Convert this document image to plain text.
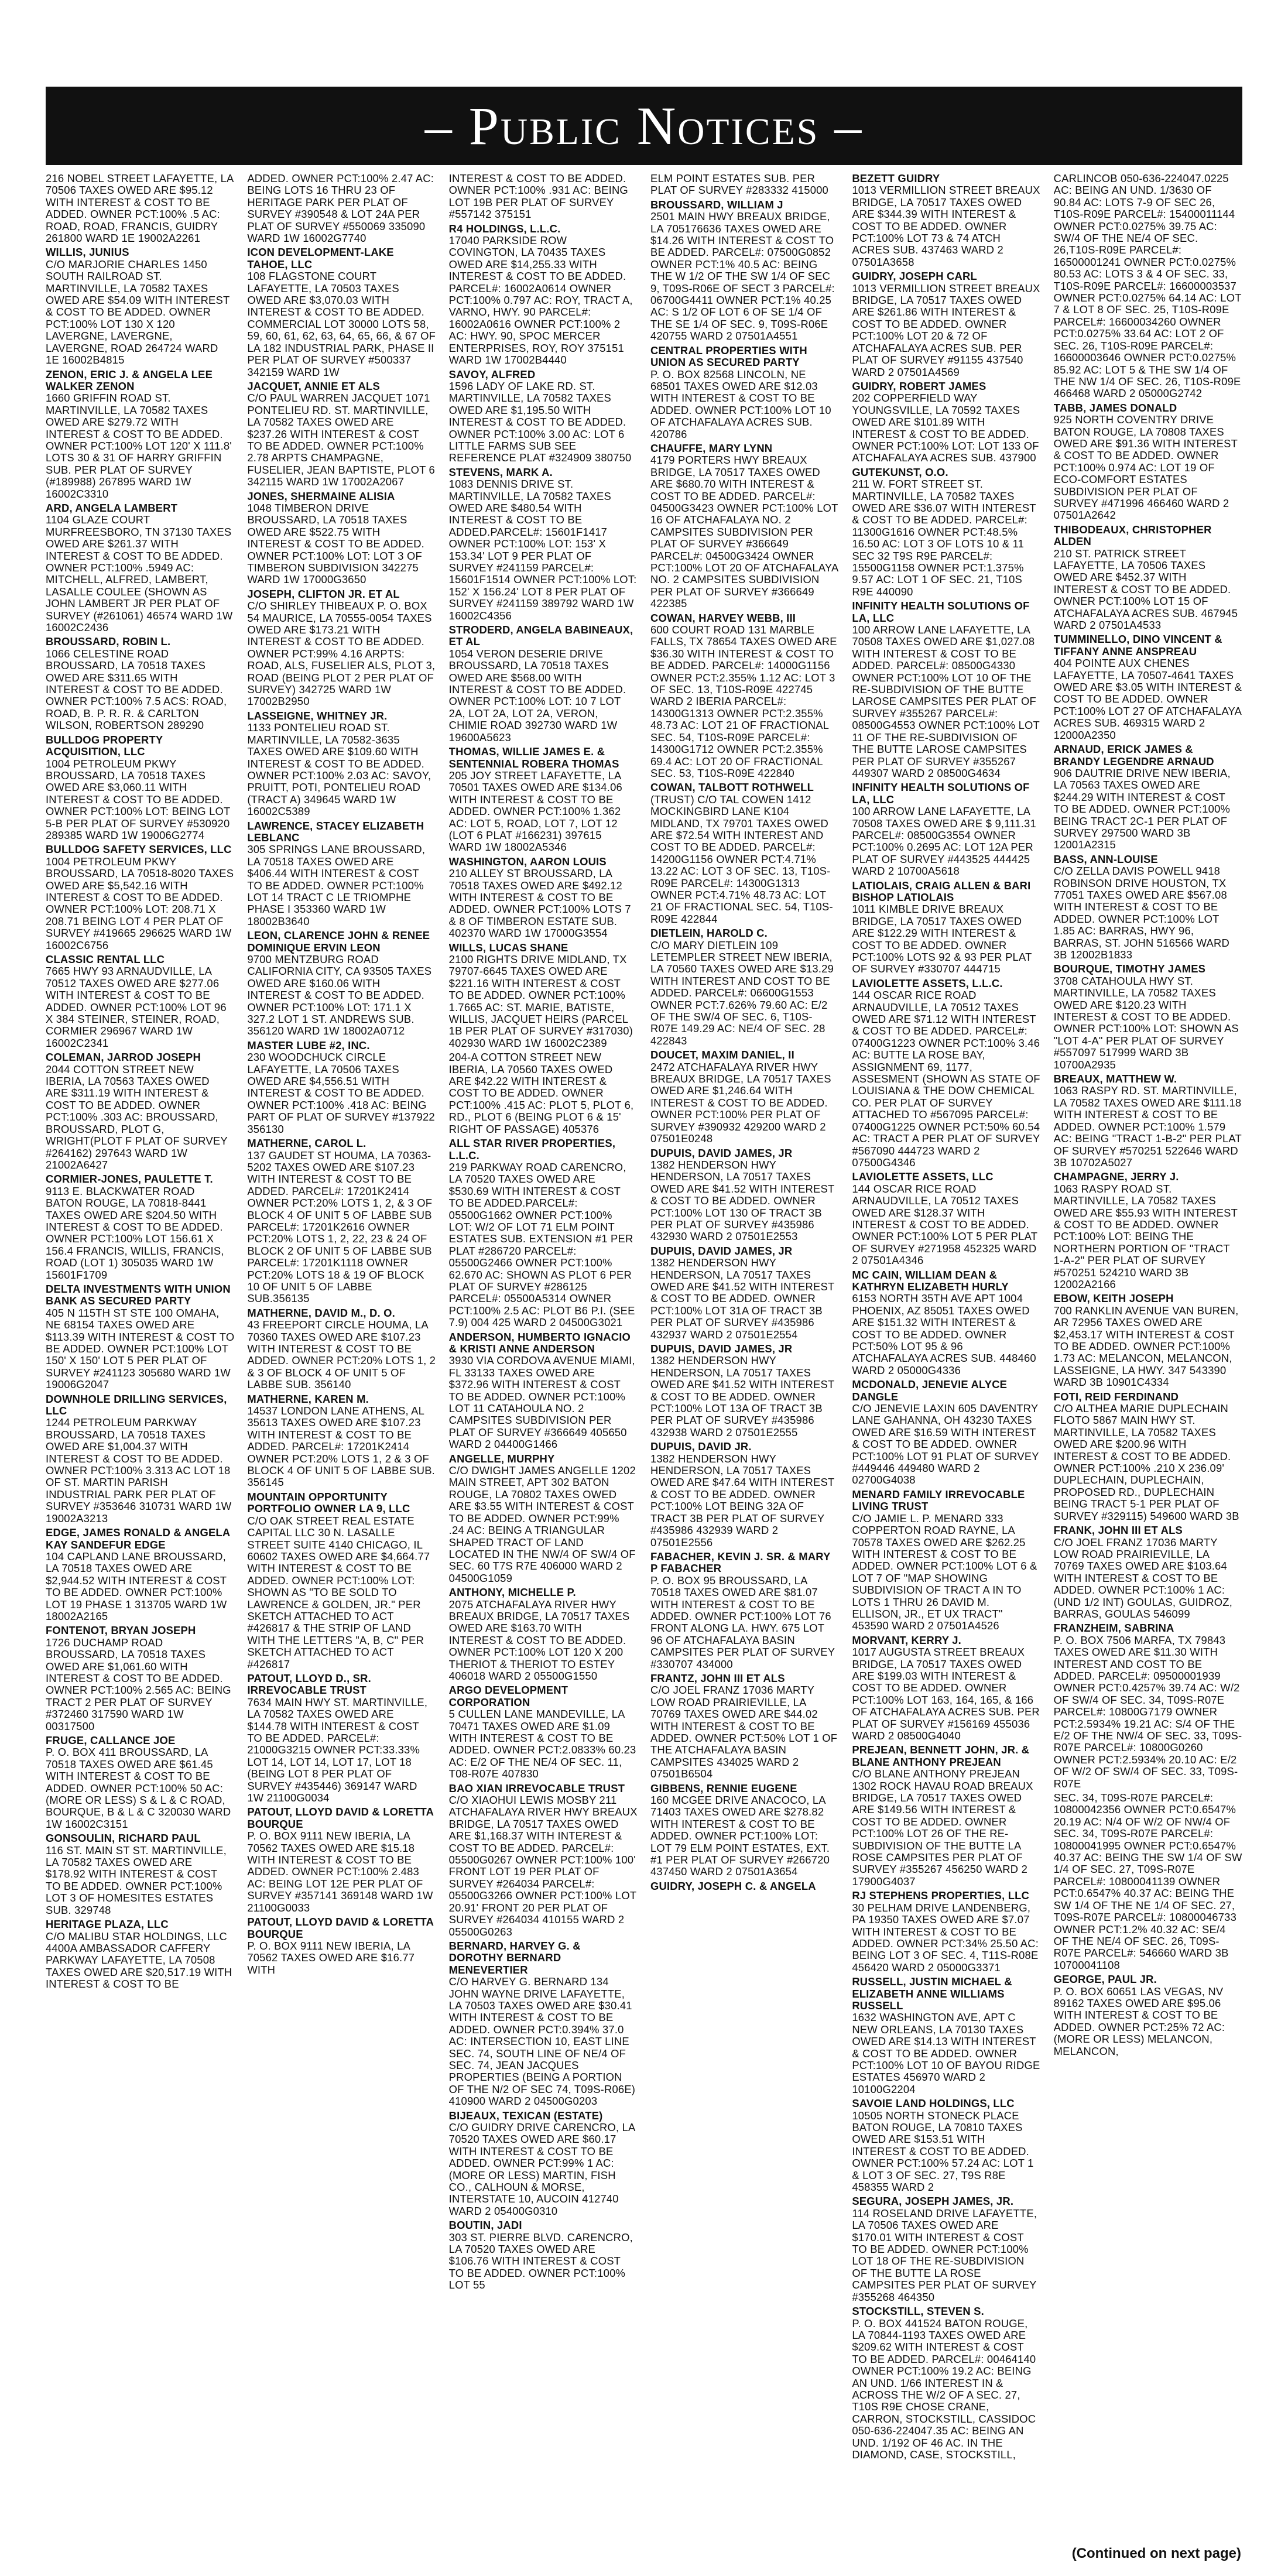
– Public Notices –
216 NOBEL STREET LAFAYETTE, LA 70506 TAXES OWED ARE $95.12 WITH INTEREST & COST TO BE ADDED. OWNER PCT:100% .5 AC: ROAD, ROAD, FRANCIS, GUIDRY 261800 WARD 1E 19002A2261
WILLIS, JUNIUS
C/O MARJORIE CHARLES 1450 SOUTH RAILROAD ST. MARTINVILLE, LA 70582 TAXES OWED ARE $54.09 WITH INTEREST & COST TO BE ADDED. OWNER PCT:100% LOT 130 X 120 LAVERGNE, LAVERGNE, LAVERGNE, ROAD 264724 WARD 1E 16002B4815
ZENON, ERIC J. & ANGELA LEE WALKER ZENON
1660 GRIFFIN ROAD ST. MARTINVILLE, LA 70582 TAXES OWED ARE $279.72 WITH INTEREST & COST TO BE ADDED. OWNER PCT:100% LOT 120' X 111.8' LOTS 30 & 31 OF HARRY GRIFFIN SUB. PER PLAT OF SURVEY (#189988) 267895 WARD 1W 16002C3310
ARD, ANGELA LAMBERT
1104 GLAZE COURT MURFREESBORO, TN 37130 TAXES OWED ARE $261.37 WITH INTEREST & COST TO BE ADDED. OWNER PCT:100% .5949 AC: MITCHELL, ALFRED, LAMBERT, LASALLE COULEE (SHOWN AS JOHN LAMBERT JR PER PLAT OF SURVEY (#261061) 46574 WARD 1W 16002C2436
BROUSSARD, ROBIN L.
1066 CELESTINE ROAD BROUSSARD, LA 70518 TAXES OWED ARE $311.65 WITH INTEREST & COST TO BE ADDED. OWNER PCT:100% 7.5 ACS: ROAD, ROAD, B. P. R. R. & CARLTON WILSON, ROBERTSON 289290
BULLDOG PROPERTY ACQUISITION, LLC
1004 PETROLEUM PKWY BROUSSARD, LA 70518 TAXES OWED ARE $3,060.11 WITH INTEREST & COST TO BE ADDED. OWNER PCT:100% LOT: BEING LOT 5-B PER PLAT OF SURVEY #530920 289385 WARD 1W 19006G2774
BULLDOG SAFETY SERVICES, LLC
1004 PETROLEUM PKWY BROUSSARD, LA 70518-8020 TAXES OWED ARE $5,542.16 WITH INTEREST & COST TO BE ADDED. OWNER PCT:100% LOT: 208.71 X 208.71 BEING LOT 4 PER PLAT OF SURVEY #419665 296625 WARD 1W 16002C6756
CLASSIC RENTAL LLC
7665 HWY 93 ARNAUDVILLE, LA 70512 TAXES OWED ARE $277.06 WITH INTEREST & COST TO BE ADDED. OWNER PCT:100% LOT 96 X 384 STEINER, STEINER, ROAD, CORMIER 296967 WARD 1W 16002C2341
COLEMAN, JARROD JOSEPH
2044 COTTON STREET NEW IBERIA, LA 70563 TAXES OWED ARE $311.19 WITH INTEREST & COST TO BE ADDED. OWNER PCT:100% .303 AC: BROUSSARD, BROUSSARD, PLOT G, WRIGHT(PLOT F PLAT OF SURVEY #264162) 297643 WARD 1W 21002A6427
CORMIER-JONES, PAULETTE T.
9113 E. BLACKWATER ROAD BATON ROUGE, LA 70818-8441 TAXES OWED ARE $204.50 WITH INTEREST & COST TO BE ADDED. OWNER PCT:100% LOT 156.61 X 156.4 FRANCIS, WILLIS, FRANCIS, ROAD (LOT 1) 305035 WARD 1W 15601F1709
DELTA INVESTMENTS WITH UNION BANK AS SECURED PARTY
405 N 115TH ST STE 100 OMAHA, NE 68154 TAXES OWED ARE $113.39 WITH INTEREST & COST TO BE ADDED. OWNER PCT:100% LOT 150' X 150' LOT 5 PER PLAT OF SURVEY #241123 305680 WARD 1W 19006G2047
DOWNHOLE DRILLING SERVICES, LLC
1244 PETROLEUM PARKWAY BROUSSARD, LA 70518 TAXES OWED ARE $1,004.37 WITH INTEREST & COST TO BE ADDED. OWNER PCT:100% 3.313 AC LOT 18 OF ST. MARTIN PARISH INDUSTRIAL PARK PER PLAT OF SURVEY #353646 310731 WARD 1W 19002A3213
EDGE, JAMES RONALD & ANGELA KAY SANDEFUR EDGE
104 CAPLAND LANE BROUSSARD, LA 70518 TAXES OWED ARE $2,944.52 WITH INTEREST & COST TO BE ADDED. OWNER PCT:100% LOT 19 PHASE 1 313705 WARD 1W 18002A2165
FONTENOT, BRYAN JOSEPH
1726 DUCHAMP ROAD BROUSSARD, LA 70518 TAXES OWED ARE $1,061.60 WITH INTEREST & COST TO BE ADDED. OWNER PCT:100% 2.565 AC: BEING TRACT 2 PER PLAT OF SURVEY #372460 317590 WARD 1W 00317500
FRUGE, CALLANCE JOE
P. O. BOX 411 BROUSSARD, LA 70518 TAXES OWED ARE $61.45 WITH INTEREST & COST TO BE ADDED. OWNER PCT:100% 50 AC: (MORE OR LESS) S & L & C ROAD, BOURQUE, B & L & C 320030 WARD 1W 16002C3151
GONSOULIN, RICHARD PAUL
116 ST. MAIN ST ST. MARTINVILLE, LA 70582 TAXES OWED ARE $178.92 WITH INTEREST & COST TO BE ADDED. OWNER PCT:100% LOT 3 OF HOMESITES ESTATES SUB. 329748
HERITAGE PLAZA, LLC
C/O MALIBU STAR HOLDINGS, LLC 4400A AMBASSADOR CAFFERY PARKWAY LAFAYETTE, LA 70508 TAXES OWED ARE $20,517.19 WITH INTEREST & COST TO BE
ADDED. OWNER PCT:100% 2.47 AC: BEING LOTS 16 THRU 23 OF HERITAGE PARK PER PLAT OF SURVEY #390548 & LOT 24A PER PLAT OF SURVEY #550069 335090 WARD 1W 16002G7740
ICON DEVELOPMENT-LAKE TAHOE, LLC
108 FLAGSTONE COURT LAFAYETTE, LA 70503 TAXES OWED ARE $3,070.03 WITH INTEREST & COST TO BE ADDED. COMMERCIAL LOT 30000 LOTS 58, 59, 60, 61, 62, 63, 64, 65, 66, & 67 OF LA 182 INDUSTRIAL PARK, PHASE II PER PLAT OF SURVEY #500337 342159 WARD 1W
JACQUET, ANNIE ET ALS
C/O PAUL WARREN JACQUET 1071 PONTELIEU RD. ST. MARTINVILLE, LA 70582 TAXES OWED ARE $237.26 WITH INTEREST & COST TO BE ADDED. OWNER PCT:100% 2.78 ARPTS CHAMPAGNE, FUSELIER, JEAN BAPTISTE, PLOT 6 342115 WARD 1W 17002A2067
JONES, SHERMAINE ALISIA
1048 TIMBERON DRIVE BROUSSARD, LA 70518 TAXES OWED ARE $522.75 WITH INTEREST & COST TO BE ADDED. OWNER PCT:100% LOT: LOT 3 OF TIMBERON SUBDIVISION 342275 WARD 1W 17000G3650
JOSEPH, CLIFTON JR. ET AL
C/O SHIRLEY THIBEAUX P. O. BOX 54 MAURICE, LA 70555-0054 TAXES OWED ARE $173.21 WITH INTEREST & COST TO BE ADDED. OWNER PCT:99% 4.16 ARPTS: ROAD, ALS, FUSELIER ALS, PLOT 3, ROAD (BEING PLOT 2 PER PLAT OF SURVEY) 342725 WARD 1W 17002B2950
LASSEIGNE, WHITNEY JR.
1133 PONTELIEU ROAD ST. MARTINVILLE, LA 70582-3635 TAXES OWED ARE $109.60 WITH INTEREST & COST TO BE ADDED. OWNER PCT:100% 2.03 AC: SAVOY, PRUITT, POTI, PONTELIEU ROAD (TRACT A) 349645 WARD 1W 16002C5389
LAWRENCE, STACEY ELIZABETH LEBLANC
305 SPRINGS LANE BROUSSARD, LA 70518 TAXES OWED ARE $406.44 WITH INTEREST & COST TO BE ADDED. OWNER PCT:100% LOT 14 TRACT C LE TRIOMPHE PHASE I 353360 WARD 1W 18002B3640
LEON, CLARENCE JOHN & RENEE DOMINIQUE ERVIN LEON
9700 MENTZBURG ROAD CALIFORNIA CITY, CA 93505 TAXES OWED ARE $160.06 WITH INTEREST & COST TO BE ADDED. OWNER PCT:100% LOT: 171.1 X 327.2 LOT 1 ST. ANDREWS SUB. 356120 WARD 1W 18002A0712
MASTER LUBE #2, INC.
230 WOODCHUCK CIRCLE LAFAYETTE, LA 70506 TAXES OWED ARE $4,556.51 WITH INTEREST & COST TO BE ADDED. OWNER PCT:100% .418 AC: BEING PART OF PLAT OF SURVEY #137922 356130
MATHERNE, CAROL L.
137 GAUDET ST HOUMA, LA 70363-5202 TAXES OWED ARE $107.23 WITH INTEREST & COST TO BE ADDED. PARCEL#: 17201K2414 OWNER PCT:20% LOTS 1, 2, & 3 OF BLOCK 4 OF UNIT 5 OF LABBE SUB PARCEL#: 17201K2616 OWNER PCT:20% LOTS 1, 2, 22, 23 & 24 OF BLOCK 2 OF UNIT 5 OF LABBE SUB PARCEL#: 17201K1118 OWNER PCT:20% LOTS 18 & 19 OF BLOCK 10 OF UNIT 5 OF LABBE SUB.356135
MATHERNE, DAVID M., D. O.
43 FREEPORT CIRCLE HOUMA, LA 70360 TAXES OWED ARE $107.23 WITH INTEREST & COST TO BE ADDED. OWNER PCT:20% LOTS 1, 2 & 3 OF BLOCK 4 OF UNIT 5 OF LABBE SUB. 356140
MATHERNE, KAREN M.
14537 LONDON LANE ATHENS, AL 35613 TAXES OWED ARE $107.23 WITH INTEREST & COST TO BE ADDED. PARCEL#: 17201K2414 OWNER PCT:20% LOTS 1, 2 & 3 OF BLOCK 4 OF UNIT 5 OF LABBE SUB. 356145
MOUNTAIN OPPORTUNITY PORTFOLIO OWNER LA 9, LLC
C/O OAK STREET REAL ESTATE CAPITAL LLC 30 N. LASALLE STREET SUITE 4140 CHICAGO, IL 60602 TAXES OWED ARE $4,664.77 WITH INTEREST & COST TO BE ADDED. OWNER PCT:100% LOT: SHOWN AS "TO BE SOLD TO LAWRENCE & GOLDEN, JR." PER SKETCH ATTACHED TO ACT #426817 & THE STRIP OF LAND WITH THE LETTERS "A, B, C" PER SKETCH ATTACHED TO ACT #426817
PATOUT, LLOYD D., SR. IRREVOCABLE TRUST
7634 MAIN HWY ST. MARTINVILLE, LA 70582 TAXES OWED ARE $144.78 WITH INTEREST & COST TO BE ADDED. PARCEL#: 21000G3215 OWNER PCT:33.33% LOT 14, LOT 14, LOT 17, LOT 18 (BEING LOT 8 PER PLAT OF SURVEY #435446) 369147 WARD 1W 21100G0034
PATOUT, LLOYD DAVID & LORETTA BOURQUE
P. O. BOX 9111 NEW IBERIA, LA 70562 TAXES OWED ARE $15.18 WITH INTEREST & COST TO BE ADDED. OWNER PCT:100% 2.483 AC: BEING LOT 12E PER PLAT OF SURVEY #357141 369148 WARD 1W 21100G0033
PATOUT, LLOYD DAVID & LORETTA BOURQUE
P. O. BOX 9111 NEW IBERIA, LA 70562 TAXES OWED ARE $16.77 WITH
INTEREST & COST TO BE ADDED. OWNER PCT:100% .931 AC: BEING LOT 19B PER PLAT OF SURVEY #557142 375151
R4 HOLDINGS, L.L.C.
17040 PARKSIDE ROW COVINGTON, LA 70435 TAXES OWED ARE $14,255.33 WITH INTEREST & COST TO BE ADDED. PARCEL#: 16002A0614 OWNER PCT:100% 0.797 AC: ROY, TRACT A, VARNO, HWY. 90 PARCEL#: 16002A0616 OWNER PCT:100% 2 AC: HWY. 90, SPOC MERCER ENTERPRISES, ROY, ROY 375151 WARD 1W 17002B4440
SAVOY, ALFRED
1596 LADY OF LAKE RD. ST. MARTINVILLE, LA 70582 TAXES OWED ARE $1,195.50 WITH INTEREST & COST TO BE ADDED. OWNER PCT:100% 3.00 AC: LOT 6 LITTLE FARMS SUB SEE REFERENCE PLAT #324909 380750
STEVENS, MARK A.
1083 DENNIS DRIVE ST. MARTINVILLE, LA 70582 TAXES OWED ARE $480.54 WITH INTEREST & COST TO BE ADDED.PARCEL#: 15601F1417 OWNER PCT:100% LOT: 153' X 153.34' LOT 9 PER PLAT OF SURVEY #241159 PARCEL#: 15601F1514 OWNER PCT:100% LOT: 152' X 156.24' LOT 8 PER PLAT OF SURVEY #241159 389792 WARD 1W 16002C4356
STRODERD, ANGELA BABINEAUX, ET AL
1054 VERON DESERIE DRIVE BROUSSARD, LA 70518 TAXES OWED ARE $568.00 WITH INTEREST & COST TO BE ADDED. OWNER PCT:100% LOT: 10 7 LOT 2A, LOT 2A, LOT 2A, VERON, CHIMIE ROAD 392730 WARD 1W 19600A5623
THOMAS, WILLIE JAMES E. & SENTENNIAL ROBERA THOMAS
205 JOY STREET LAFAYETTE, LA 70501 TAXES OWED ARE $134.06 WITH INTEREST & COST TO BE ADDED. OWNER PCT:100% 1.362 AC: LOT 5, ROAD, LOT 7, LOT 12 (LOT 6 PLAT #166231) 397615 WARD 1W 18002A5346
WASHINGTON, AARON LOUIS
210 ALLEY ST BROUSSARD, LA 70518 TAXES OWED ARE $492.12 WITH INTEREST & COST TO BE ADDED. OWNER PCT:100% LOTS 7 & 8 OF TIMBERON ESTATE SUB. 402370 WARD 1W 17000G3554
WILLS, LUCAS SHANE
2100 RIGHTS DRIVE MIDLAND, TX 79707-6645 TAXES OWED ARE $221.16 WITH INTEREST & COST TO BE ADDED. OWNER PCT:100% 1.7665 AC: ST. MARIE, BATISTE, WILLIS, JACQUET HEIRS (PARCEL 1B PER PLAT OF SURVEY #317030) 402930 WARD 1W 16002C2389
204-A COTTON STREET NEW IBERIA, LA 70560 TAXES OWED ARE $42.22 WITH INTEREST & COST TO BE ADDED. OWNER PCT:100% .415 AC: PLOT 5, PLOT 6, RD., PLOT 6 (BEING PLOT 6 & 15' RIGHT OF PASSAGE) 405376
ALL STAR RIVER PROPERTIES, L.L.C.
219 PARKWAY ROAD CARENCRO, LA 70520 TAXES OWED ARE $530.69 WITH INTEREST & COST TO BE ADDED.PARCEL#: 05500G1662 OWNER PCT:100% LOT: W/2 OF LOT 71 ELM POINT ESTATES SUB. EXTENSION #1 PER PLAT #286720 PARCEL#: 05500G2466 OWNER PCT:100% 62.670 AC: SHOWN AS PLOT 6 PER PLAT OF SURVEY #286125 PARCEL#: 05500A5314 OWNER PCT:100% 2.5 AC: PLOT B6 P.I. (SEE 7.9) 004 425 WARD 2 04500G3021
ANDERSON, HUMBERTO IGNACIO & KRISTI ANNE ANDERSON
3930 VIA CORDOVA AVENUE MIAMI, FL 33133 TAXES OWED ARE $372.96 WITH INTEREST & COST TO BE ADDED. OWNER PCT:100% LOT 11 CATAHOULA NO. 2 CAMPSITES SUBDIVISION PER PLAT OF SURVEY #366649 405650 WARD 2 04400G1466
ANGELLE, MURPHY
C/O DWIGHT JAMES ANGELLE 1202 MAIN STREET, APT 302 BATON ROUGE, LA 70802 TAXES OWED ARE $3.55 WITH INTEREST & COST TO BE ADDED. OWNER PCT:99% .24 AC: BEING A TRIANGULAR SHAPED TRACT OF LAND LOCATED IN THE NW/4 OF SW/4 OF SEC. 60 T7S R7E 406000 WARD 2 04500G1059
ANTHONY, MICHELLE P.
2075 ATCHAFALAYA RIVER HWY BREAUX BRIDGE, LA 70517 TAXES OWED ARE $163.70 WITH INTEREST & COST TO BE ADDED. OWNER PCT:100% LOT 120 X 200 THERIOT & THERIOT TO ESTEY 406018 WARD 2 05500G1550
ARGO DEVELOPMENT CORPORATION
5 CULLEN LANE MANDEVILLE, LA 70471 TAXES OWED ARE $1.09 WITH INTEREST & COST TO BE ADDED. OWNER PCT:2.0833% 60.23 AC: E/2 OF THE NE/4 OF SEC. 11, T08-R07E 407830
BAO XIAN IRREVOCABLE TRUST
C/O XIAOHUI LEWIS MOSBY 211 ATCHAFALAYA RIVER HWY BREAUX BRIDGE, LA 70517 TAXES OWED ARE $1,168.37 WITH INTEREST & COST TO BE ADDED. PARCEL#: 05500G0267 OWNER PCT:100% 100' FRONT LOT 19 PER PLAT OF SURVEY #264034 PARCEL#: 05500G3266 OWNER PCT:100% LOT 20.91' FRONT 20 PER PLAT OF SURVEY #264034 410155 WARD 2 05500G0263
BERNARD, HARVEY G. & DOROTHY BERNARD MENEVERTIER
C/O HARVEY G. BERNARD 134 JOHN WAYNE DRIVE LAFAYETTE, LA 70503 TAXES OWED ARE $30.41 WITH INTEREST & COST TO BE ADDED. OWNER PCT:0.394% 37.0 AC: INTERSECTION 10, EAST LINE SEC. 74, SOUTH LINE OF NE/4 OF SEC. 74, JEAN JACQUES PROPERTIES (BEING A PORTION OF THE N/2 OF SEC 74, T09S-R06E) 410900 WARD 2 04500G0203
BIJEAUX, TEXICAN (ESTATE)
C/O GUIDRY DRIVE CARENCRO, LA 70520 TAXES OWED ARE $60.17 WITH INTEREST & COST TO BE ADDED. OWNER PCT:99% 1 AC: (MORE OR LESS) MARTIN, FISH CO., CALHOUN & MORSE, INTERSTATE 10, AUCOIN 412740 WARD 2 05400G0310
BOUTIN, JADI
303 ST. PIERRE BLVD. CARENCRO, LA 70520 TAXES OWED ARE $106.76 WITH INTEREST & COST TO BE ADDED. OWNER PCT:100% LOT 55
ELM POINT ESTATES SUB. PER PLAT OF SURVEY #283332 415000
BROUSSARD, WILLIAM J
2501 MAIN HWY BREAUX BRIDGE, LA 705176636 TAXES OWED ARE $14.26 WITH INTEREST & COST TO BE ADDED. PARCEL#: 07500G0852 OWNER PCT:1% 40.5 AC: BEING THE W 1/2 OF THE SW 1/4 OF SEC 9, T09S-R06E OF SECT 3 PARCEL#: 06700G4411 OWNER PCT:1% 40.25 AC: S 1/2 OF LOT 6 OF SE 1/4 OF THE SE 1/4 OF SEC. 9, T09S-R06E 420755 WARD 2 07501A4551
CENTRAL PROPERTIES WITH UNION AS SECURED PARTY
P. O. BOX 82568 LINCOLN, NE 68501 TAXES OWED ARE $12.03 WITH INTEREST & COST TO BE ADDED. OWNER PCT:100% LOT 10 OF ATCHAFALAYA ACRES SUB. 420786
CHAUFFE, MARY LYNN
4179 PORTERS HWY BREAUX BRIDGE, LA 70517 TAXES OWED ARE $680.70 WITH INTEREST & COST TO BE ADDED. PARCEL#: 04500G3423 OWNER PCT:100% LOT 16 OF ATCHAFALAYA NO. 2 CAMPSITES SUBDIVISION PER PLAT OF SURVEY #366649 PARCEL#: 04500G3424 OWNER PCT:100% LOT 20 OF ATCHAFALAYA NO. 2 CAMPSITES SUBDIVISION PER PLAT OF SURVEY #366649 422385
COWAN, HARVEY WEBB, III
600 COURT ROAD 131 MARBLE FALLS, TX 78654 TAXES OWED ARE $36.30 WITH INTEREST & COST TO BE ADDED. PARCEL#: 14000G1156 OWNER PCT:2.355% 1.12 AC: LOT 3 OF SEC. 13, T10S-R09E 422745 WARD 2 IBERIA PARCEL#: 14300G1313 OWNER PCT:2.355% 48.73 AC: LOT 21 OF FRACTIONAL SEC. 54, T10S-R09E PARCEL#: 14300G1712 OWNER PCT:2.355% 69.4 AC: LOT 20 OF FRACTIONAL SEC. 53, T10S-R09E 422840
COWAN, TALBOTT ROTHWELL
(TRUST) C/O TAL COWEN 1412 MOCKINGBIRD LANE K104 MIDLAND, TX 79701 TAXES OWED ARE $72.54 WITH INTEREST AND COST TO BE ADDED. PARCEL#: 14200G1156 OWNER PCT:4.71% 13.22 AC: LOT 3 OF SEC. 13, T10S-R09E PARCEL#: 14300G1313 OWNER PCT:4.71% 48.73 AC: LOT 21 OF FRACTIONAL SEC. 54, T10S-R09E 422844
DIETLEIN, HAROLD C.
C/O MARY DIETLEIN 109 LETEMPLER STREET NEW IBERIA, LA 70560 TAXES OWED ARE $13.29 WITH INTEREST AND COST TO BE ADDED. PARCEL#: 06600G1553 OWNER PCT:7.626% 79.60 AC: E/2 OF THE SW/4 OF SEC. 6, T10S-R07E 149.29 AC: NE/4 OF SEC. 28 422843
DOUCET, MAXIM DANIEL, II
2472 ATCHAFALAYA RIVER HWY BREAUX BRIDGE, LA 70517 TAXES OWED ARE $1,246.64 WITH INTEREST & COST TO BE ADDED. OWNER PCT:100% PER PLAT OF SURVEY #390932 429200 WARD 2 07501E0248
DUPUIS, DAVID JAMES, JR
1382 HENDERSON HWY HENDERSON, LA 70517 TAXES OWED ARE $41.52 WITH INTEREST & COST TO BE ADDED. OWNER PCT:100% LOT 130 OF TRACT 3B PER PLAT OF SURVEY #435986 432930 WARD 2 07501E2553
DUPUIS, DAVID JAMES, JR
1382 HENDERSON HWY HENDERSON, LA 70517 TAXES OWED ARE $41.52 WITH INTEREST & COST TO BE ADDED. OWNER PCT:100% LOT 31A OF TRACT 3B PER PLAT OF SURVEY #435986 432937 WARD 2 07501E2554
DUPUIS, DAVID JAMES, JR
1382 HENDERSON HWY HENDERSON, LA 70517 TAXES OWED ARE $41.52 WITH INTEREST & COST TO BE ADDED. OWNER PCT:100% LOT 13A OF TRACT 3B PER PLAT OF SURVEY #435986 432938 WARD 2 07501E2555
DUPUIS, DAVID JR.
1382 HENDERSON HWY HENDERSON, LA 70517 TAXES OWED ARE $47.64 WITH INTEREST & COST TO BE ADDED. OWNER PCT:100% LOT BEING 32A OF TRACT 3B PER PLAT OF SURVEY #435986 432939 WARD 2 07501E2556
FABACHER, KEVIN J. SR. & MARY P FABACHER
P. O. BOX 95 BROUSSARD, LA 70518 TAXES OWED ARE $81.07 WITH INTEREST & COST TO BE ADDED. OWNER PCT:100% LOT 76 FRONT ALONG LA. HWY. 675 LOT 96 OF ATCHAFALAYA BASIN CAMPSITES PER PLAT OF SURVEY #330707 434000
FRANTZ, JOHN III ET ALS
C/O JOEL FRANZ 17036 MARTY LOW ROAD PRAIRIEVILLE, LA 70769 TAXES OWED ARE $44.02 WITH INTEREST & COST TO BE ADDED. OWNER PCT:50% LOT 1 OF THE ATCHAFALAYA BASIN CAMPSITES 434025 WARD 2 07501B6504
GIBBENS, RENNIE EUGENE
160 MCGEE DRIVE ANACOCO, LA 71403 TAXES OWED ARE $278.82 WITH INTEREST & COST TO BE ADDED. OWNER PCT:100% LOT: LOT 79 ELM POINT ESTATES, EXT. #1 PER PLAT OF SURVEY #266720 437450 WARD 2 07501A3654
GUIDRY, JOSEPH C. & ANGELA
BEZETT GUIDRY
1013 VERMILLION STREET BREAUX BRIDGE, LA 70517 TAXES OWED ARE $344.39 WITH INTEREST & COST TO BE ADDED. OWNER PCT:100% LOT 73 & 74 ATCH ACRES SUB. 437463 WARD 2 07501A3658
GUIDRY, JOSEPH CARL
1013 VERMILLION STREET BREAUX BRIDGE, LA 70517 TAXES OWED ARE $261.86 WITH INTEREST & COST TO BE ADDED. OWNER PCT:100% LOT 20 & 72 OF ATCHAFALAYA ACRES SUB. PER PLAT OF SURVEY #91155 437540 WARD 2 07501A4569
GUIDRY, ROBERT JAMES
202 COPPERFIELD WAY YOUNGSVILLE, LA 70592 TAXES OWED ARE $101.89 WITH INTEREST & COST TO BE ADDED. OWNER PCT:100% LOT: LOT 133 OF ATCHAFALAYA ACRES SUB. 437900
GUTEKUNST, O.O.
211 W. FORT STREET ST. MARTINVILLE, LA 70582 TAXES OWED ARE $36.07 WITH INTEREST & COST TO BE ADDED. PARCEL#: 11300G1616 OWNER PCT:48.5% 16.50 AC: LOT 3 OF LOTS 10 & 11 SEC 32 T9S R9E PARCEL#: 15500G1158 OWNER PCT:1.375% 9.57 AC: LOT 1 OF SEC. 21, T10S R9E 440090
INFINITY HEALTH SOLUTIONS OF LA, LLC
100 ARROW LANE LAFAYETTE, LA 70508 TAXES OWED ARE $1,027.08 WITH INTEREST & COST TO BE ADDED. PARCEL#: 08500G4330 OWNER PCT:100% LOT 10 OF THE RE-SUBDIVISION OF THE BUTTE LAROSE CAMPSITES PER PLAT OF SURVEY #355267 PARCEL#: 08500G4553 OWNER PCT:100% LOT 11 OF THE RE-SUBDIVISION OF THE BUTTE LAROSE CAMPSITES PER PLAT OF SURVEY #355267 449307 WARD 2 08500G4634
INFINITY HEALTH SOLUTIONS OF LA, LLC
100 ARROW LANE LAFAYETTE, LA 70508 TAXES OWED ARE $ 9,111.31 PARCEL#: 08500G3554 OWNER PCT:100% 0.2695 AC: LOT 12A PER PLAT OF SURVEY #443525 444425 WARD 2 10700A5618
LATIOLAIS, CRAIG ALLEN & BARI BISHOP LATIOLAIS
1011 KIMBLE DRIVE BREAUX BRIDGE, LA 70517 TAXES OWED ARE $122.29 WITH INTEREST & COST TO BE ADDED. OWNER PCT:100% LOTS 92 & 93 PER PLAT OF SURVEY #330707 444715
LAVIOLETTE ASSETS, L.L.C.
144 OSCAR RICE ROAD ARNAUDVILLE, LA 70512 TAXES OWED ARE $71.12 WITH INTEREST & COST TO BE ADDED. PARCEL#: 07400G1223 OWNER PCT:100% 3.46 AC: BUTTE LA ROSE BAY, ASSIGNMENT 69, 1177, ASSESMENT (SHOWN AS STATE OF LOUISIANA & THE DOW CHEMICAL CO. PER PLAT OF SURVEY ATTACHED TO #567095 PARCEL#: 07400G1225 OWNER PCT:50% 60.54 AC: TRACT A PER PLAT OF SURVEY #567090 444723 WARD 2 07500G4346
LAVIOLETTE ASSETS, LLC
144 OSCAR RICE ROAD ARNAUDVILLE, LA 70512 TAXES OWED ARE $128.37 WITH INTEREST & COST TO BE ADDED. OWNER PCT:100% LOT 5 PER PLAT OF SURVEY #271958 452325 WARD 2 07501A4346
MC CAIN, WILLIAM DEAN & KATHRYN ELIZABETH HURLY
6153 NORTH 35TH AVE APT 1004 PHOENIX, AZ 85051 TAXES OWED ARE $151.32 WITH INTEREST & COST TO BE ADDED. OWNER PCT:50% LOT 95 & 96 ATCHAFALAYA ACRES SUB. 448460 WARD 2 05000G4336
MCDONALD, JENEVIE ALYCE DANGLE
C/O JENEVIE LAXIN 605 DAVENTRY LANE GAHANNA, OH 43230 TAXES OWED ARE $16.59 WITH INTEREST & COST TO BE ADDED. OWNER PCT:100% LOT 91 PLAT OF SURVEY #449446 449480 WARD 2 02700G4038
MENARD FAMILY IRREVOCABLE LIVING TRUST
C/O JAMIE L. P. MENARD 333 COPPERTON ROAD RAYNE, LA 70578 TAXES OWED ARE $262.25 WITH INTEREST & COST TO BE ADDED. OWNER PCT:100% LOT 6 & LOT 7 OF "MAP SHOWING SUBDIVISION OF TRACT A IN TO LOTS 1 THRU 26 DAVID M. ELLISON, JR., ET UX TRACT" 453590 WARD 2 07501A4526
MORVANT, KERRY J.
1017 AUGUSTA STREET BREAUX BRIDGE, LA 70517 TAXES OWED ARE $199.03 WITH INTEREST & COST TO BE ADDED. OWNER PCT:100% LOT 163, 164, 165, & 166 OF ATCHAFALAYA ACRES SUB. PER PLAT OF SURVEY #156169 455036 WARD 2 08500G4040
PREJEAN, BENNETT JOHN, JR. & BLANE ANTHONY PREJEAN
C/O BLANE ANTHONY PREJEAN 1302 ROCK HAVAU ROAD BREAUX BRIDGE, LA 70517 TAXES OWED ARE $149.56 WITH INTEREST & COST TO BE ADDED. OWNER PCT:100% LOT 26 OF THE RE-SUBDIVISION OF THE BUTTE LA ROSE CAMPSITES PER PLAT OF SURVEY #355267 456250 WARD 2 17900G4037
RJ STEPHENS PROPERTIES, LLC
30 PELHAM DRIVE LANDENBERG, PA 19350 TAXES OWED ARE $7.07 WITH INTEREST & COST TO BE ADDED. OWNER PCT:34% 25.50 AC: BEING LOT 3 OF SEC. 4, T11S-R08E 456420 WARD 2 05000G3371
RUSSELL, JUSTIN MICHAEL & ELIZABETH ANNE WILLIAMS RUSSELL
1632 WASHINGTON AVE, APT C NEW ORLEANS, LA 70130 TAXES OWED ARE $14.13 WITH INTEREST & COST TO BE ADDED. OWNER PCT:100% LOT 10 OF BAYOU RIDGE ESTATES 456970 WARD 2 10100G2204
SAVOIE LAND HOLDINGS, LLC
10505 NORTH STONECK PLACE BATON ROUGE, LA 70810 TAXES OWED ARE $153.51 WITH INTEREST & COST TO BE ADDED. OWNER PCT:100% 57.24 AC: LOT 1 & LOT 3 OF SEC. 27, T9S R8E 458355 WARD 2
SEGURA, JOSEPH JAMES, JR.
114 ROSELAND DRIVE LAFAYETTE, LA 70506 TAXES OWED ARE $170.01 WITH INTEREST & COST TO BE ADDED. OWNER PCT:100% LOT 18 OF THE RE-SUBDIVISION OF THE BUTTE LA ROSE CAMPSITES PER PLAT OF SURVEY #355268 464350
STOCKSTILL, STEVEN S.
P. O. BOX 441524 BATON ROUGE, LA 70844-1193 TAXES OWED ARE $209.62 WITH INTEREST & COST TO BE ADDED. PARCEL#: 00464140 OWNER PCT:100% 19.2 AC: BEING AN UND. 1/66 INTEREST IN & ACROSS THE W/2 OF A SEC. 27, T10S R9E CHOSE CRANE, CARRON, STOCKSTILL, CASSIDOC 050-636-224047.35 AC: BEING AN UND. 1/192 OF 46 AC. IN THE DIAMOND, CASE, STOCKSTILL,
CARLINCOB 050-636-224047.0225 AC: BEING AN UND. 1/3630 OF 90.84 AC: LOTS 7-9 OF SEC 26, T10S-R09E PARCEL#: 15400011144 OWNER PCT:0.0275% 39.75 AC: SW/4 OF THE NE/4 OF SEC. 26,T10S-R09E PARCEL#: 16500001241 OWNER PCT:0.0275% 80.53 AC: LOTS 3 & 4 OF SEC. 33, T10S-R09E PARCEL#: 16600003537 OWNER PCT:0.0275% 64.14 AC: LOT 7 & LOT 8 OF SEC. 25, T10S-R09E PARCEL#: 16600034260 OWNER PCT:0.0275% 33.64 AC: LOT 2 OF SEC. 26, T10S-R09E PARCEL#: 16600003646 OWNER PCT:0.0275% 85.92 AC: LOT 5 & THE SW 1/4 OF THE NW 1/4 OF SEC. 26, T10S-R09E 466468 WARD 2 05000G2742
TABB, JAMES DONALD
925 NORTH COVENTRY DRIVE BATON ROUGE, LA 70808 TAXES OWED ARE $91.36 WITH INTEREST & COST TO BE ADDED. OWNER PCT:100% 0.974 AC: LOT 19 OF ECO-COMFORT ESTATES SUBDIVISION PER PLAT OF SURVEY #471996 466460 WARD 2 07501A2642
THIBODEAUX, CHRISTOPHER ALDEN
210 ST. PATRICK STREET LAFAYETTE, LA 70506 TAXES OWED ARE $452.37 WITH INTEREST & COST TO BE ADDED. OWNER PCT:100% LOT 15 OF ATCHAFALAYA ACRES SUB. 467945 WARD 2 07501A4533
TUMMINELLO, DINO VINCENT & TIFFANY ANNE ANSPREAU
404 POINTE AUX CHENES LAFAYETTE, LA 70507-4641 TAXES OWED ARE $3.05 WITH INTEREST & COST TO BE ADDED. OWNER PCT:100% LOT 27 OF ATCHAFALAYA ACRES SUB. 469315 WARD 2 12000A2350
ARNAUD, ERICK JAMES & BRANDY LEGENDRE ARNAUD
906 DAUTRIE DRIVE NEW IBERIA, LA 70563 TAXES OWED ARE $244.29 WITH INTEREST & COST TO BE ADDED. OWNER PCT:100% BEING TRACT 2C-1 PER PLAT OF SURVEY 297500 WARD 3B 12001A2315
BASS, ANN-LOUISE
C/O ZELLA DAVIS POWELL 9418 ROBINSON DRIVE HOUSTON, TX 77051 TAXES OWED ARE $567.08 WITH INTEREST & COST TO BE ADDED. OWNER PCT:100% LOT 1.85 AC: BARRAS, HWY 96, BARRAS, ST. JOHN 516566 WARD 3B 12002B1833
BOURQUE, TIMOTHY JAMES
3708 CATAHOULA HWY ST. MARTINVILLE, LA 70582 TAXES OWED ARE $120.23 WITH INTEREST & COST TO BE ADDED. OWNER PCT:100% LOT: SHOWN AS "LOT 4-A" PER PLAT OF SURVEY #557097 517999 WARD 3B 10700A2935
BREAUX, MATTHEW W.
1063 RASPY RD. ST. MARTINVILLE, LA 70582 TAXES OWED ARE $111.18 WITH INTEREST & COST TO BE ADDED. OWNER PCT:100% 1.579 AC: BEING "TRACT 1-B-2" PER PLAT OF SURVEY #570251 522646 WARD 3B 10702A5027
CHAMPAGNE, JERRY J.
1063 RASPY ROAD ST. MARTINVILLE, LA 70582 TAXES OWED ARE $55.93 WITH INTEREST & COST TO BE ADDED. OWNER PCT:100% LOT: BEING THE NORTHERN PORTION OF "TRACT 1-A-2" PER PLAT OF SURVEY #570251 524210 WARD 3B 12002A2166
EBOW, KEITH JOSEPH
700 RANKLIN AVENUE VAN BUREN, AR 72956 TAXES OWED ARE $2,453.17 WITH INTEREST & COST TO BE ADDED. OWNER PCT:100% 1.73 AC: MELANCON, MELANCON, LASSEIGNE, LA HWY. 347 543390 WARD 3B 10901C4334
FOTI, REID FERDINAND
C/O ALTHEA MARIE DUPLECHAIN FLOTO 5867 MAIN HWY ST. MARTINVILLE, LA 70582 TAXES OWED ARE $200.96 WITH INTEREST & COST TO BE ADDED. OWNER PCT:100% .210 X 236.09' DUPLECHAIN, DUPLECHAIN, PROPOSED RD., DUPLECHAIN BEING TRACT 5-1 PER PLAT OF SURVEY #329115) 549600 WARD 3B
FRANK, JOHN III ET ALS
C/O JOEL FRANZ 17036 MARTY LOW ROAD PRAIRIEVILLE, LA 70769 TAXES OWED ARE $103.64 WITH INTEREST & COST TO BE ADDED. OWNER PCT:100% 1 AC: (UND 1/2 INT) GOULAS, GUIDROZ, BARRAS, GOULAS 546099
FRANZHEIM, SABRINA
P. O. BOX 7506 MARFA, TX 79843 TAXES OWED ARE $11.30 WITH INTEREST AND COST TO BE ADDED. PARCEL#: 09500001939 OWNER PCT:0.4257% 39.74 AC: W/2 OF SW/4 OF SEC. 34, T09S-R07E PARCEL#: 10800G7179 OWNER PCT:2.5934% 19.21 AC: S/4 OF THE E/2 OF THE NW/4 OF SEC. 33, T09S-R07E PARCEL#: 10800G0260 OWNER PCT:2.5934% 20.10 AC: E/2 OF W/2 OF SW/4 OF SEC. 33, T09S-R07E
SEC. 34, T09S-R07E PARCEL#: 10800042356 OWNER PCT:0.6547% 20.19 AC: N/4 OF W/2 OF NW/4 OF SEC. 34, T09S-R07E PARCEL#: 10800041995 OWNER PCT:0.6547% 40.37 AC: BEING THE SW 1/4 OF SW 1/4 OF SEC. 27, T09S-R07E PARCEL#: 10800041139 OWNER PCT:0.6547% 40.37 AC: BEING THE SW 1/4 OF THE NE 1/4 OF SEC. 27, T09S-R07E PARCEL#: 10800046733 OWNER PCT:1.2% 40.32 AC: SE/4 OF THE NE/4 OF SEC. 26, T09S-R07E PARCEL#: 546660 WARD 3B 10700041108
GEORGE, PAUL JR.
P. O. BOX 60651 LAS VEGAS, NV 89162 TAXES OWED ARE $95.06 WITH INTEREST & COST TO BE ADDED. OWNER PCT:25% 72 AC: (MORE OR LESS) MELANCON, MELANCON,
(Continued on next page)
